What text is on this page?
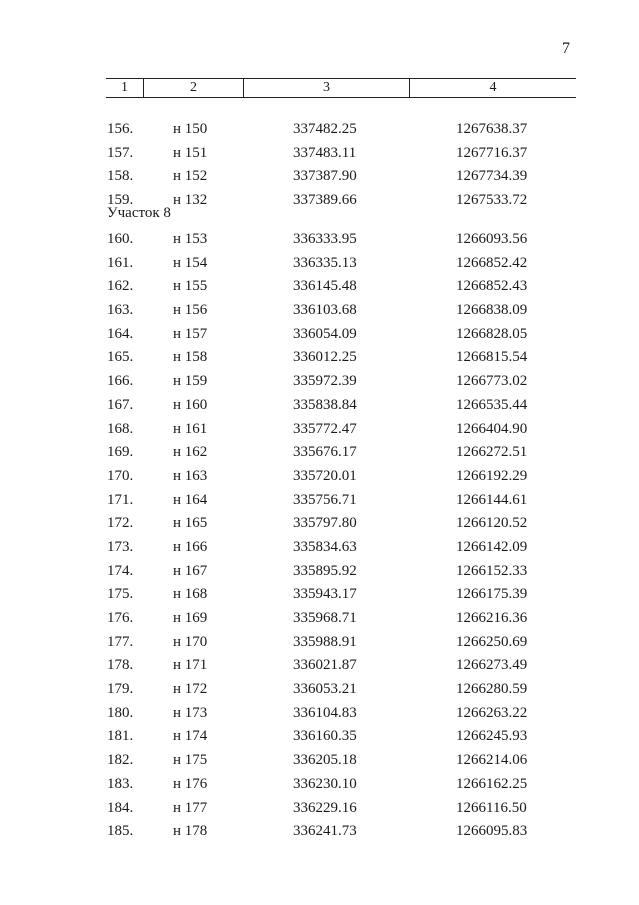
7
1	2	3	4
156.	н 150	337482.25	1267638.37
157.	н 151	337483.11	1267716.37
158.	н 152	337387.90	1267734.39
159.	н 132	337389.66	1267533.72
Участок 8
160.	н 153	336333.95	1266093.56
161.	н 154	336335.13	1266852.42
162.	н 155	336145.48	1266852.43
163.	н 156	336103.68	1266838.09
164.	н 157	336054.09	1266828.05
165.	н 158	336012.25	1266815.54
166.	н 159	335972.39	1266773.02
167.	н 160	335838.84	1266535.44
168.	н 161	335772.47	1266404.90
169.	н 162	335676.17	1266272.51
170.	н 163	335720.01	1266192.29
171.	н 164	335756.71	1266144.61
172.	н 165	335797.80	1266120.52
173.	н 166	335834.63	1266142.09
174.	н 167	335895.92	1266152.33
175.	н 168	335943.17	1266175.39
176.	н 169	335968.71	1266216.36
177.	н 170	335988.91	1266250.69
178.	н 171	336021.87	1266273.49
179.	н 172	336053.21	1266280.59
180.	н 173	336104.83	1266263.22
181.	н 174	336160.35	1266245.93
182.	н 175	336205.18	1266214.06
183.	н 176	336230.10	1266162.25
184.	н 177	336229.16	1266116.50
185.	н 178	336241.73	1266095.83
